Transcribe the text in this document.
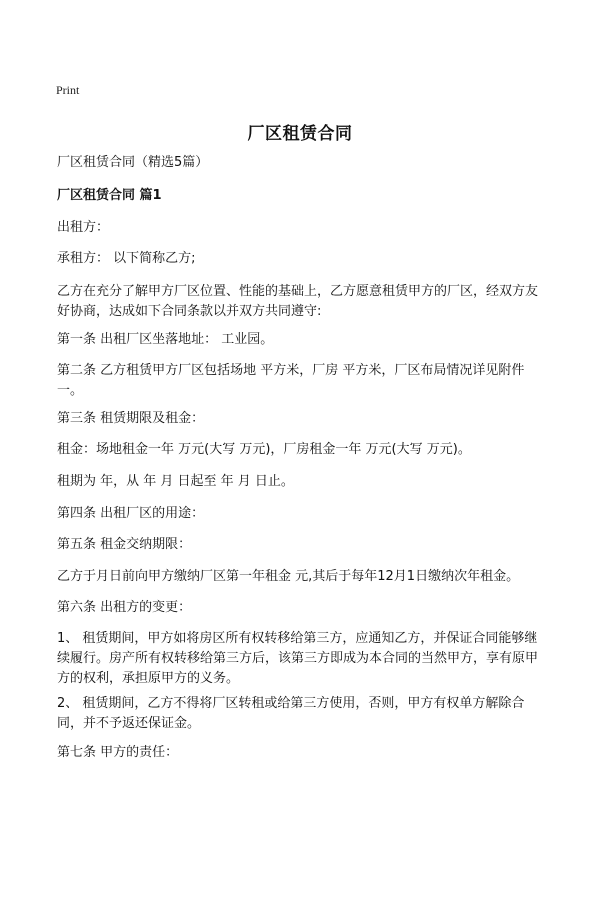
Print
厂区租赁合同
厂区租赁合同（精选5篇）
厂区租赁合同 篇1
出租方：
承租方： 以下简称乙方;
乙方在充分了解甲方厂区位置、性能的基础上，乙方愿意租赁甲方的厂区，经双方友好协商，达成如下合同条款以并双方共同遵守:
第一条 出租厂区坐落地址： 工业园。
第二条 乙方租赁甲方厂区包括场地 平方米，厂房 平方米，厂区布局情况详见附件一。
第三条 租赁期限及租金：
租金：场地租金一年 万元(大写 万元)，厂房租金一年 万元(大写 万元)。
租期为 年，从 年 月 日起至 年 月 日止。
第四条 出租厂区的用途：
第五条 租金交纳期限：
乙方于月日前向甲方缴纳厂区第一年租金 元,其后于每年12月1日缴纳次年租金。
第六条 出租方的变更：
1、 租赁期间，甲方如将房区所有权转移给第三方，应通知乙方，并保证合同能够继续履行。房产所有权转移给第三方后，该第三方即成为本合同的当然甲方，享有原甲方的权利，承担原甲方的义务。
2、 租赁期间，乙方不得将厂区转租或给第三方使用，否则，甲方有权单方解除合同，并不予返还保证金。
第七条 甲方的责任：
